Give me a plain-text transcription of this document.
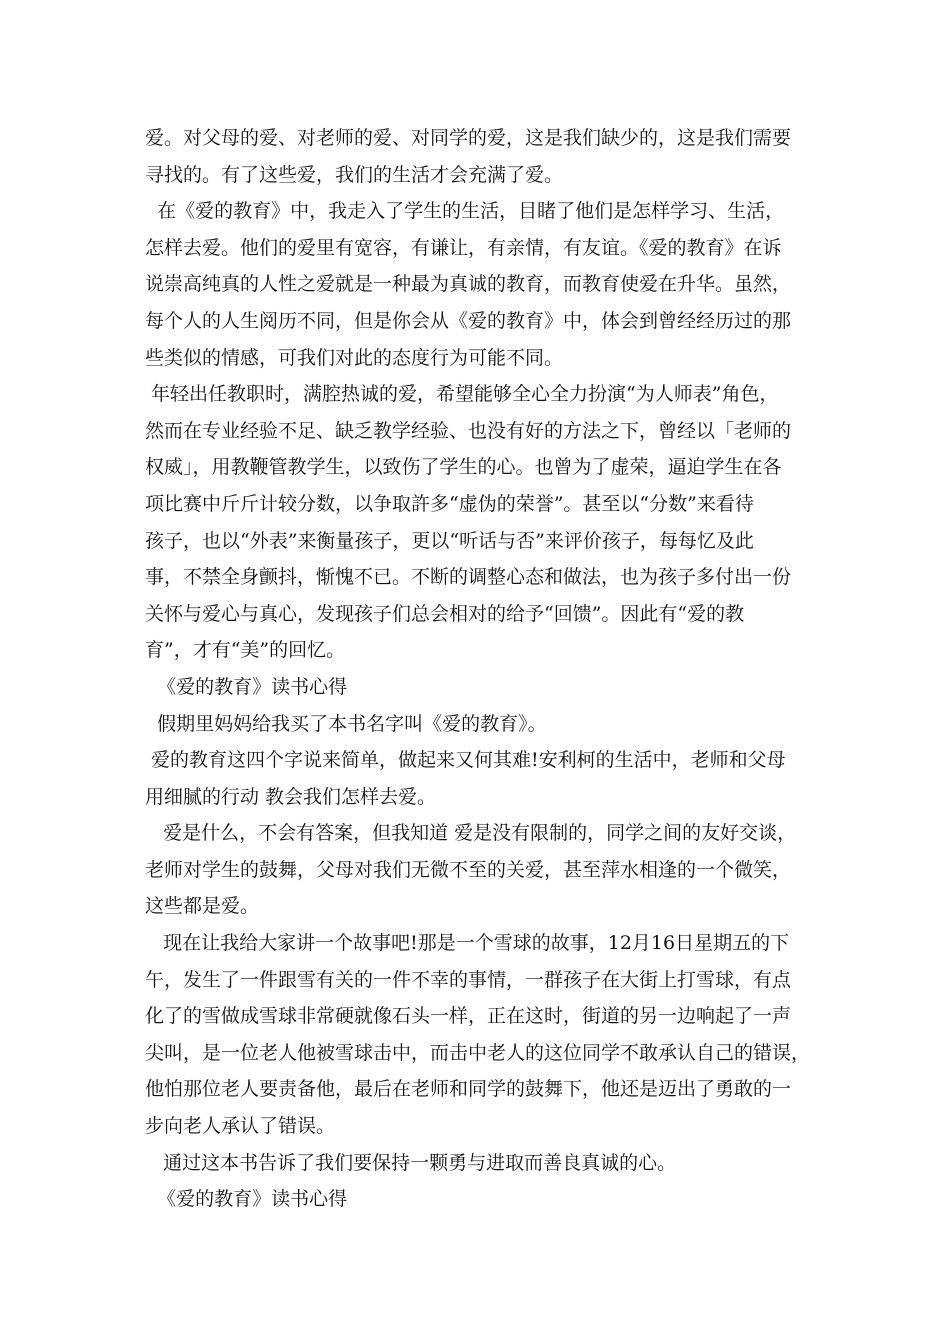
爱。对父母的爱、对老师的爱、对同学的爱，这是我们缺少的，这是我们需要
寻找的。有了这些爱，我们的生活才会充满了爱。
在《爱的教育》中，我走入了学生的生活，目睹了他们是怎样学习、生活，
怎样去爱。他们的爱里有宽容，有谦让，有亲情，有友谊。《爱的教育》在诉
说崇高纯真的人性之爱就是一种最为真诚的教育，而教育使爱在升华。虽然，
每个人的人生阅历不同，但是你会从《爱的教育》中，体会到曾经经历过的那
些类似的情感，可我们对此的态度行为可能不同。
年轻出任教职时，满腔热诚的爱，希望能够全心全力扮演“为人师表”角色，
然而在专业经验不足、缺乏教学经验、也没有好的方法之下，曾经以「老师的
权威」，用教鞭管教学生，以致伤了学生的心。也曾为了虚荣，逼迫学生在各
项比赛中斤斤计较分数，以争取許多“虚伪的荣誉”。甚至以“分数”来看待
孩子，也以“外表”来衡量孩子，更以“听话与否”来评价孩子，每每忆及此
事，不禁全身颤抖，惭愧不已。不断的调整心态和做法，也为孩子多付出一份
关怀与爱心与真心，发现孩子们总会相对的给予“回馈”。因此有“爱的教
育”，才有“美”的回忆。
《爱的教育》读书心得
假期里妈妈给我买了本书名字叫《爱的教育》。
爱的教育这四个字说来简单，做起来又何其难!安利柯的生活中，老师和父母
用细腻的行动 教会我们怎样去爱。
爱是什么，不会有答案，但我知道 爱是没有限制的，同学之间的友好交谈，
老师对学生的鼓舞，父母对我们无微不至的关爱，甚至萍水相逢的一个微笑，
这些都是爱。
现在让我给大家讲一个故事吧!那是一个雪球的故事，12月16日星期五的下
午，发生了一件跟雪有关的一件不幸的事情，一群孩子在大街上打雪球，有点
化了的雪做成雪球非常硬就像石头一样，正在这时，街道的另一边响起了一声
尖叫，是一位老人他被雪球击中，而击中老人的这位同学不敢承认自己的错误，
他怕那位老人要责备他，最后在老师和同学的鼓舞下，他还是迈出了勇敢的一
步向老人承认了错误。
通过这本书告诉了我们要保持一颗勇与进取而善良真诚的心。
《爱的教育》读书心得
